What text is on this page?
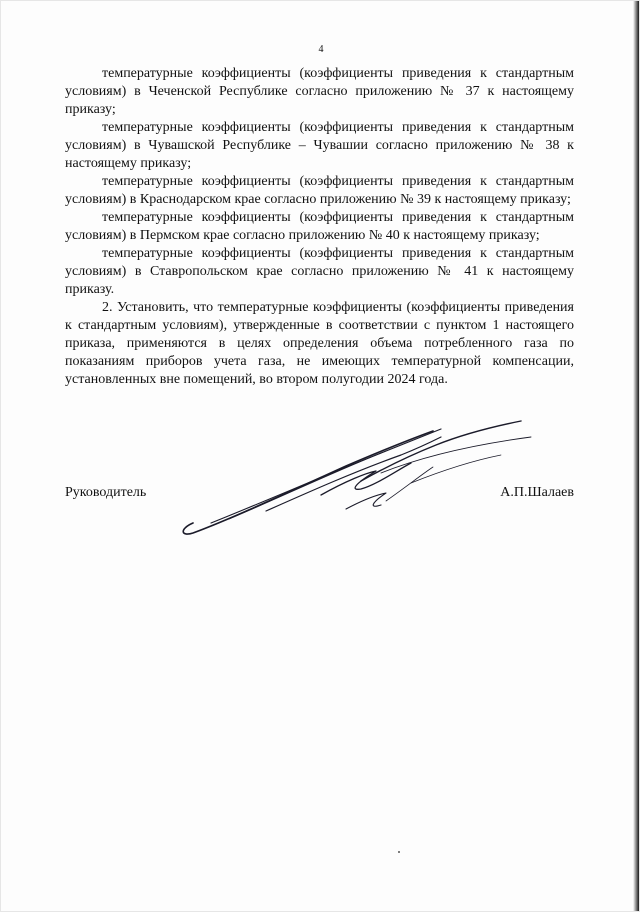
4

температурные коэффициенты (коэффициенты приведения к стандартным условиям) в Чеченской Республике согласно приложению № 37 к настоящему приказу;

температурные коэффициенты (коэффициенты приведения к стандартным условиям) в Чувашской Республике – Чувашии согласно приложению № 38 к настоящему приказу;

температурные коэффициенты (коэффициенты приведения к стандартным условиям) в Краснодарском крае согласно приложению № 39 к настоящему приказу;

температурные коэффициенты (коэффициенты приведения к стандартным условиям) в Пермском крае согласно приложению № 40 к настоящему приказу;

температурные коэффициенты (коэффициенты приведения к стандартным условиям) в Ставропольском крае согласно приложению № 41 к настоящему приказу.

2. Установить, что температурные коэффициенты (коэффициенты приведения к стандартным условиям), утвержденные в соответствии с пунктом 1 настоящего приказа, применяются в целях определения объема потребленного газа по показаниям приборов учета газа, не имеющих температурной компенсации, установленных вне помещений, во втором полугодии 2024 года.

Руководитель	А.П.Шалаев
